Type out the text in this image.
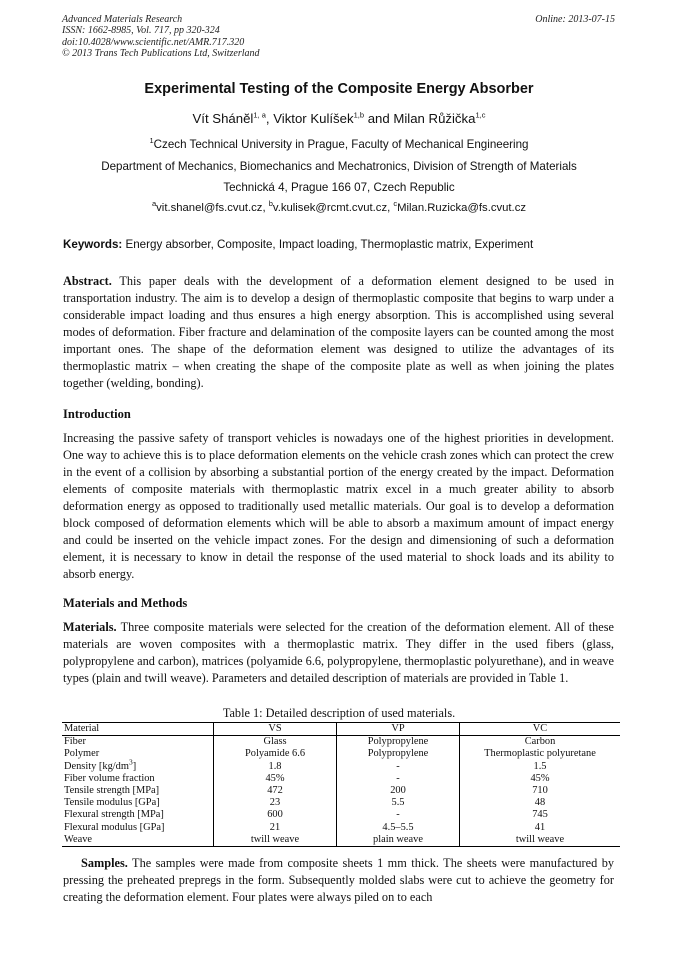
Advanced Materials Research
ISSN: 1662-8985, Vol. 717, pp 320-324
doi:10.4028/www.scientific.net/AMR.717.320
© 2013 Trans Tech Publications Ltd, Switzerland
Online: 2013-07-15
Experimental Testing of the Composite Energy Absorber
Vít Shánĕl$^{1, a}$, Viktor Kulíšek$^{1,b}$ and Milan Růžička$^{1,c}$
$^1$Czech Technical University in Prague, Faculty of Mechanical Engineering
Department of Mechanics, Biomechanics and Mechatronics, Division of Strength of Materials
Technická 4, Prague 166 07, Czech Republic
$^a$vit.shanel@fs.cvut.cz, $^b$v.kulisek@rcmt.cvut.cz, $^c$Milan.Ruzicka@fs.cvut.cz
Keywords: Energy absorber, Composite, Impact loading, Thermoplastic matrix, Experiment
Abstract. This paper deals with the development of a deformation element designed to be used in transportation industry. The aim is to develop a design of thermoplastic composite that begins to warp under a considerable impact loading and thus ensures a high energy absorption. This is accomplished using several modes of deformation. Fiber fracture and delamination of the composite layers can be counted among the most important ones. The shape of the deformation element was designed to utilize the advantages of its thermoplastic matrix – when creating the shape of the composite plate as well as when joining the plates together (welding, bonding).
Introduction
Increasing the passive safety of transport vehicles is nowadays one of the highest priorities in development. One way to achieve this is to place deformation elements on the vehicle crash zones which can protect the crew in the event of a collision by absorbing a substantial portion of the energy created by the impact. Deformation elements of composite materials with thermoplastic matrix excel in a much greater ability to absorb deformation energy as opposed to traditionally used metallic materials. Our goal is to develop a deformation block composed of deformation elements which will be able to absorb a maximum amount of impact energy and could be inserted on the vehicle impact zones. For the design and dimensioning of such a deformation element, it is necessary to know in detail the response of the used material to shock loads and its ability to absorb energy.
Materials and Methods
Materials. Three composite materials were selected for the creation of the deformation element. All of these materials are woven composites with a thermoplastic matrix. They differ in the used fibers (glass, polypropylene and carbon), matrices (polyamide 6.6, polypropylene, thermoplastic polyurethane), and in weave types (plain and twill weave). Parameters and detailed description of materials are provided in Table 1.
Table 1: Detailed description of used materials.
Material	VS	VP	VC
Fiber	Glass	Polypropylene	Carbon
Polymer	Polyamide 6.6	Polypropylene	Thermoplastic polyuretane
Density $[kg/dm^3]$	1.8	-	1.5
Fiber volume fraction	45%	-	45%
Tensile strength [MPa]	472	200	710
Tensile modulus [GPa]	23	5.5	48
Flexural strength [MPa]	600	-	745
Flexural modulus [GPa]	21	4.5–5.5	41
Weave	twill weave	plain weave	twill weave
Samples. The samples were made from composite sheets 1 mm thick. The sheets were manufactured by pressing the preheated prepregs in the form. Subsequently molded slabs were cut to achieve the geometry for creating the deformation element. Four plates were always piled on to each
